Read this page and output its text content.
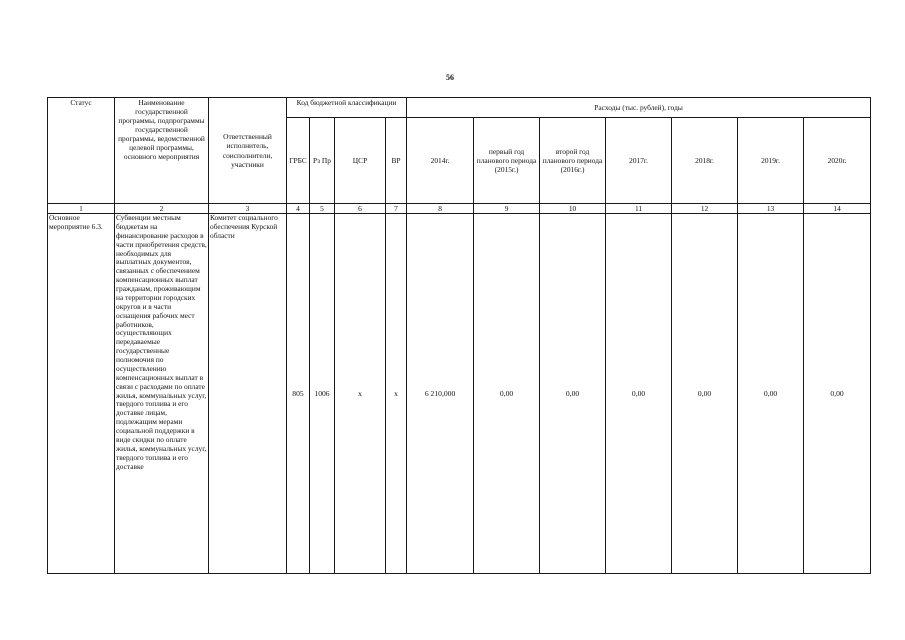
56
Статус	Наименование государственной программы, подпрограммы государственной программы, ведомственной целевой программы, основного мероприятия	Ответственный исполнитель, соисполнители, участники	Код бюджетной классификации				Расходы (тыс. рублей), годы						
			ГРБС	Рз Пр	ЦСР	ВР	2014г.	первый год планового периода (2015г.)	второй год планового периода (2016г.)	2017г.	2018г.	2019г.	2020г.
1	2	3	4	5	6	7	8	9	10	11	12	13	14
Основное мероприятие 6.3.	Субвенции местным бюджетам на финансирование расходов в части приобретения средств, необходимых для выплатных документов, связанных с обеспечением компенсационных выплат гражданам, проживающим на территории городских округов и в части оснащения рабочих мест работников, осуществляющих передаваемые государственные полномочия по осуществлению компенсационных выплат в связи с расходами по оплате жилья, коммунальных услуг, твердого топлива и его доставке лицам, подлежащим мерами социальной поддержки в виде скидки по оплате жилья, коммунальных услуг, твердого топлива и его доставке	Комитет социального обеспечения Курской области	805	1006	х	х	6 210,000	0,00	0,00	0,00	0,00	0,00	0,00
